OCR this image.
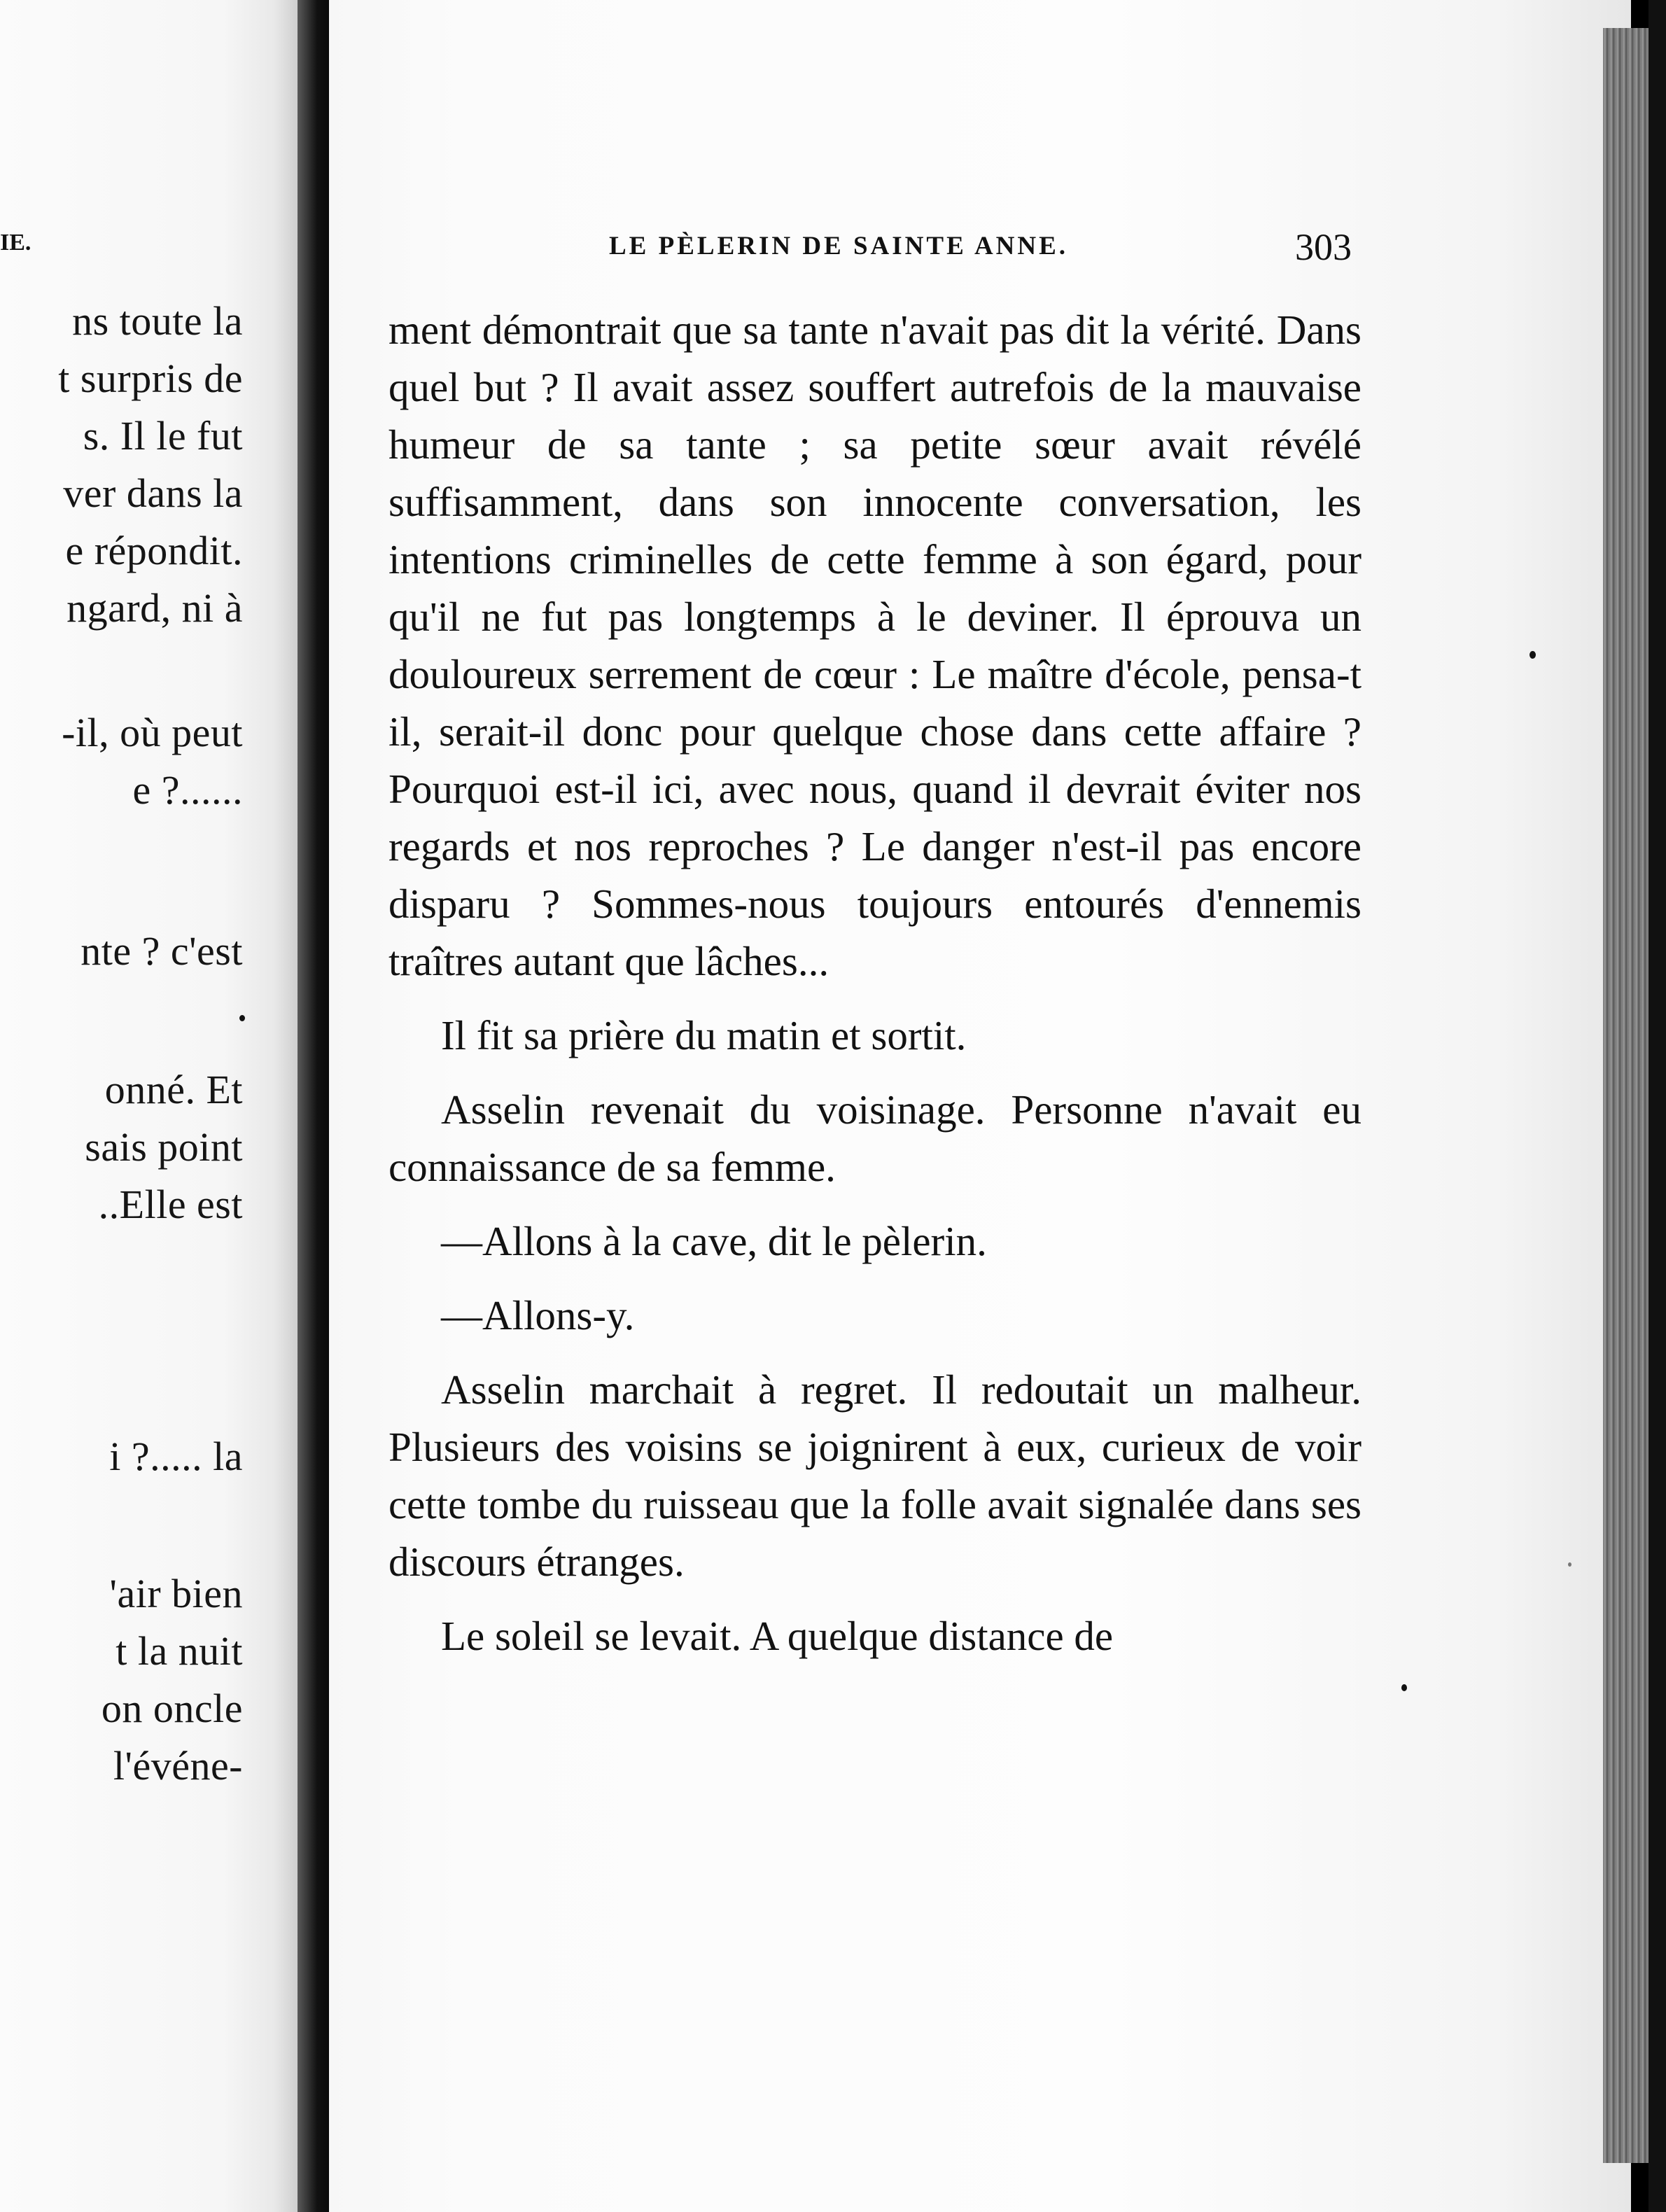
IE.
ns toute la
t surpris de
s. Il le fut
ver dans la
e répondit.
ngard, ni à
-il, où peut
e ?......
nte ? c'est
onné. Et
sais point
..Elle est
i ?..... la
'air bien
t la nuit
on oncle
l'événe-
LE PÈLERIN DE SAINTE ANNE.	303

ment démontrait que sa tante n'avait pas dit la vérité. Dans quel but ? Il avait assez souffert autrefois de la mauvaise humeur de sa tante ; sa petite sœur avait révélé suffisamment, dans son innocente conversation, les intentions criminelles de cette femme à son égard, pour qu'il ne fut pas longtemps à le deviner. Il éprouva un douloureux serrement de cœur : Le maître d'école, pensa-t il, serait-il donc pour quelque chose dans cette affaire ? Pourquoi est-il ici, avec nous, quand il devrait éviter nos regards et nos reproches ? Le danger n'est-il pas encore disparu ? Sommes-nous toujours entourés d'ennemis traîtres autant que lâches...

Il fit sa prière du matin et sortit.

Asselin revenait du voisinage. Personne n'avait eu connaissance de sa femme.

—Allons à la cave, dit le pèlerin.

—Allons-y.

Asselin marchait à regret. Il redoutait un malheur. Plusieurs des voisins se joignirent à eux, curieux de voir cette tombe du ruisseau que la folle avait signalée dans ses discours étranges.

Le soleil se levait. A quelque distance de
